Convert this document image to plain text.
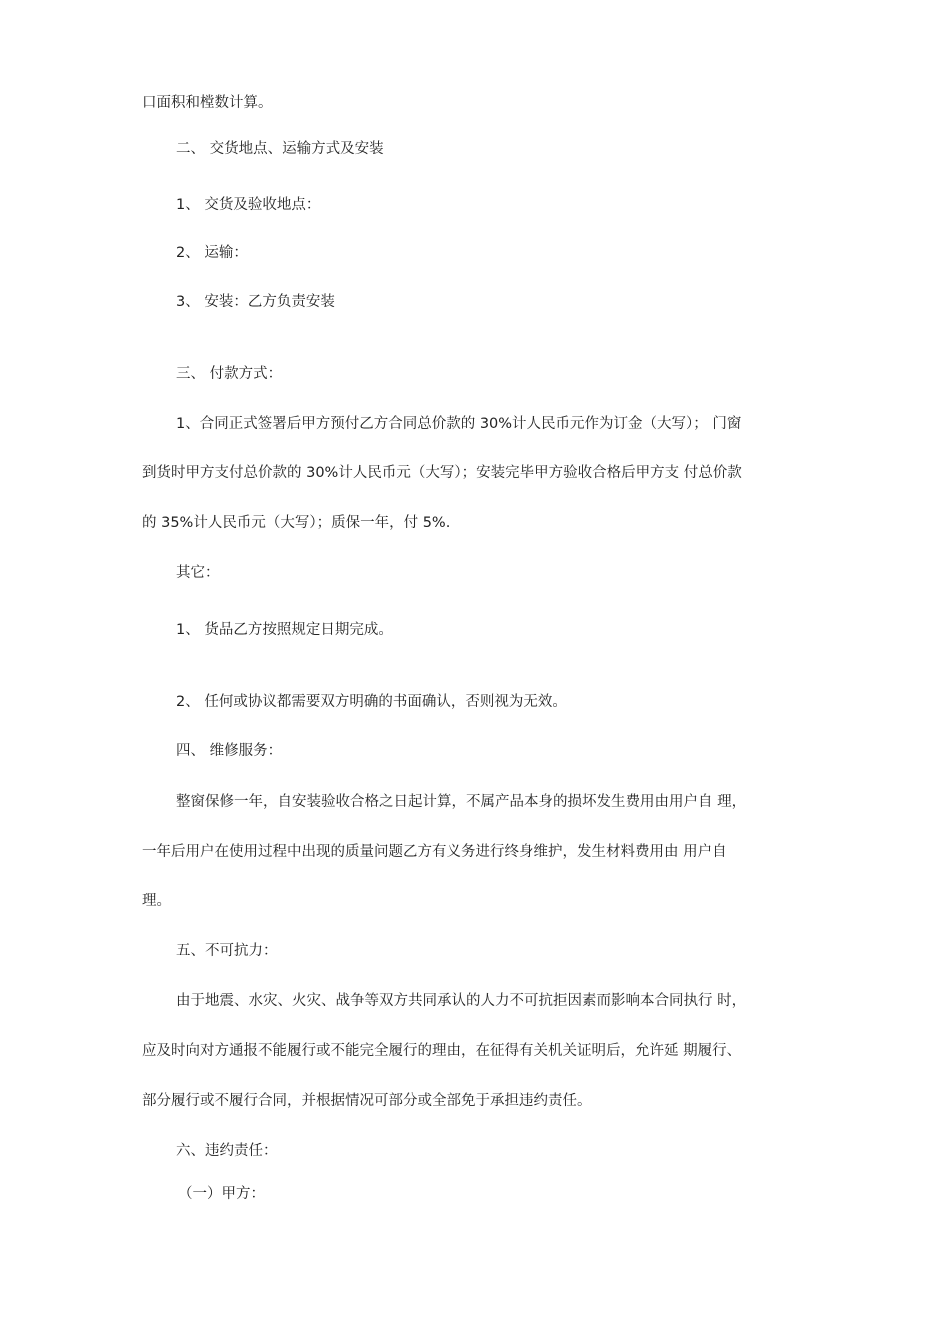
口面积和樘数计算。
二、 交货地点、运输方式及安装
1、 交货及验收地点：
2、 运输：
3、 安装：乙方负责安装
三、 付款方式：
1、合同正式签署后甲方预付乙方合同总价款的 30%计人民币元作为订金（大写）； 门窗
到货时甲方支付总价款的 30%计人民币元（大写）；安装完毕甲方验收合格后甲方支 付总价款
的 35%计人民币元（大写）；质保一年，付 5%.
其它：
1、 货品乙方按照规定日期完成。
2、 任何或协议都需要双方明确的书面确认，否则视为无效。
四、 维修服务：
整窗保修一年，自安装验收合格之日起计算，不属产品本身的损坏发生费用由用户自 理，
一年后用户在使用过程中出现的质量问题乙方有义务进行终身维护，发生材料费用由 用户自
理。
五、不可抗力：
由于地震、水灾、火灾、战争等双方共同承认的人力不可抗拒因素而影响本合同执行 时，
应及时向对方通报不能履行或不能完全履行的理由，在征得有关机关证明后，允许延 期履行、
部分履行或不履行合同，并根据情况可部分或全部免于承担违约责任。
六、违约责任：
（一）甲方：
